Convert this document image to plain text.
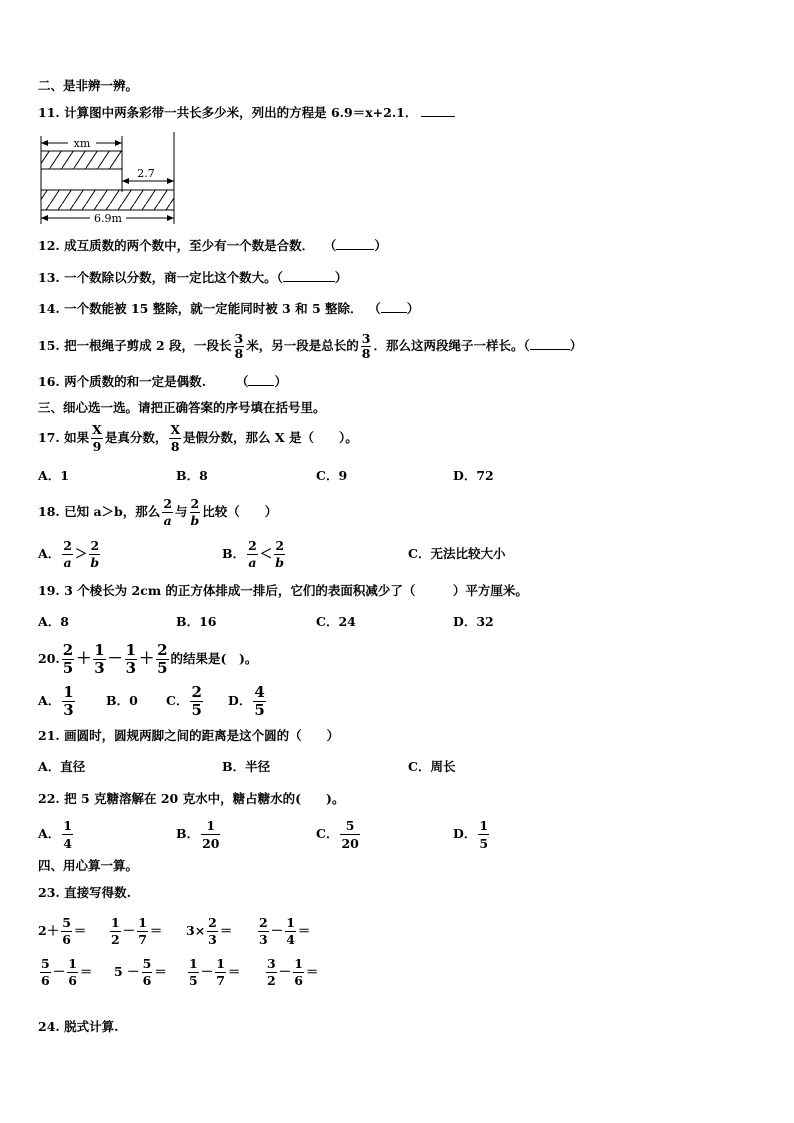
二、是非辨一辨。
11. 计算图中两条彩带一共长多少米，列出的方程是 6.9＝x+2.1．
xm
2.7
6.9m
12. 成互质数的两个数中，至少有一个数是合数． （	）
13. 一个数除以分数，商一定比这个数大。（	）
14. 一个数能被 15 整除，就一定能同时被 3 和 5 整除． （ ）
15. 把一根绳子剪成 2 段，一段长 $\frac{3}{8}$ 米，另一段是总长的 $\frac{3}{8}$ ．那么这两段绳子一样长。（	）
16. 两个质数的和一定是偶数. （ ）
三、细心选一选。请把正确答案的序号填在括号里。
17. 如果 $\frac{X}{9}$ 是真分数， $\frac{X}{8}$ 是假分数，那么 X 是（　　）。
A．1	B．8	C．9	D．72
18. 已知 a＞b，那么 $\frac{2}{a}$ 与 $\frac{2}{b}$ 比较（　　）
A． $\frac{2}{a} > \frac{2}{b}$	B． $\frac{2}{a} < \frac{2}{b}$	C．无法比较大小
19. 3 个棱长为 2cm 的正方体排成一排后，它们的表面积减少了（　　　）平方厘米。
A．8	B．16	C．24	D．32
20. $\frac{2}{5} + \frac{1}{3} - \frac{1}{3} + \frac{2}{5}$ 的结果是(　)。
A． $\frac{1}{3}$	B．0 C． $\frac{2}{5}$ D． $\frac{4}{5}$
21. 画圆时，圆规两脚之间的距离是这个圆的（　　）
A．直径	B．半径	C．周长
22. 把 5 克糖溶解在 20 克水中，糖占糖水的(　　)。
A． $\frac{1}{4}$	B． $\frac{1}{20}$	C． $\frac{5}{20}$	D． $\frac{1}{5}$
四、用心算一算。
23. 直接写得数.
$2+ \frac{5}{6} = \frac{1}{2} - \frac{1}{7} = 3\times \frac{2}{3} = \frac{2}{3} - \frac{1}{4}$ ＝
$\frac{5}{6} - \frac{1}{6} = 5 - \frac{5}{6} = \frac{1}{5} - \frac{1}{7} = \frac{3}{2} - \frac{1}{6}$ ＝
24. 脱式计算.
